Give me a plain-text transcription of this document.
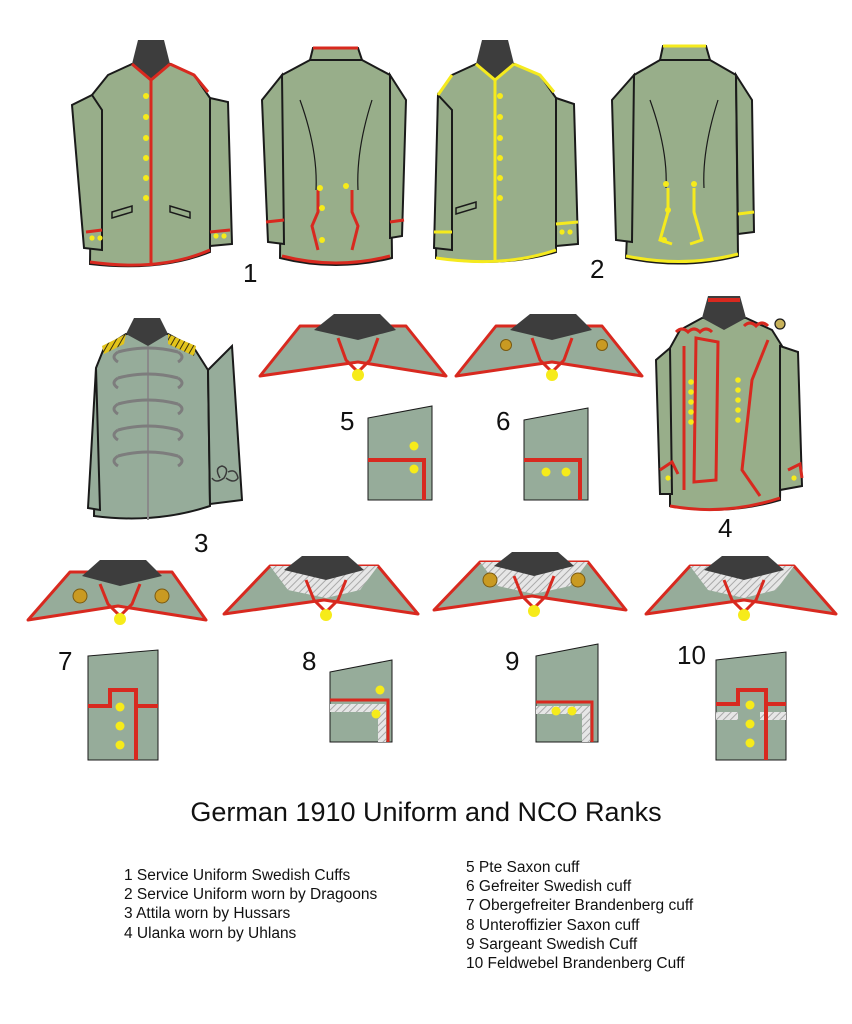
1	2
3	4
5	6
7	8	9	10
German 1910 Uniform and NCO Ranks
1 Service Uniform Swedish Cuffs
2 Service Uniform worn by Dragoons
3 Attila worn by Hussars
4 Ulanka worn by Uhlans
5 Pte Saxon cuff
6 Gefreiter Swedish cuff
7 Obergefreiter Brandenberg cuff
8 Unteroffizier Saxon cuff
9 Sargeant Swedish Cuff
10 Feldwebel Brandenberg Cuff
